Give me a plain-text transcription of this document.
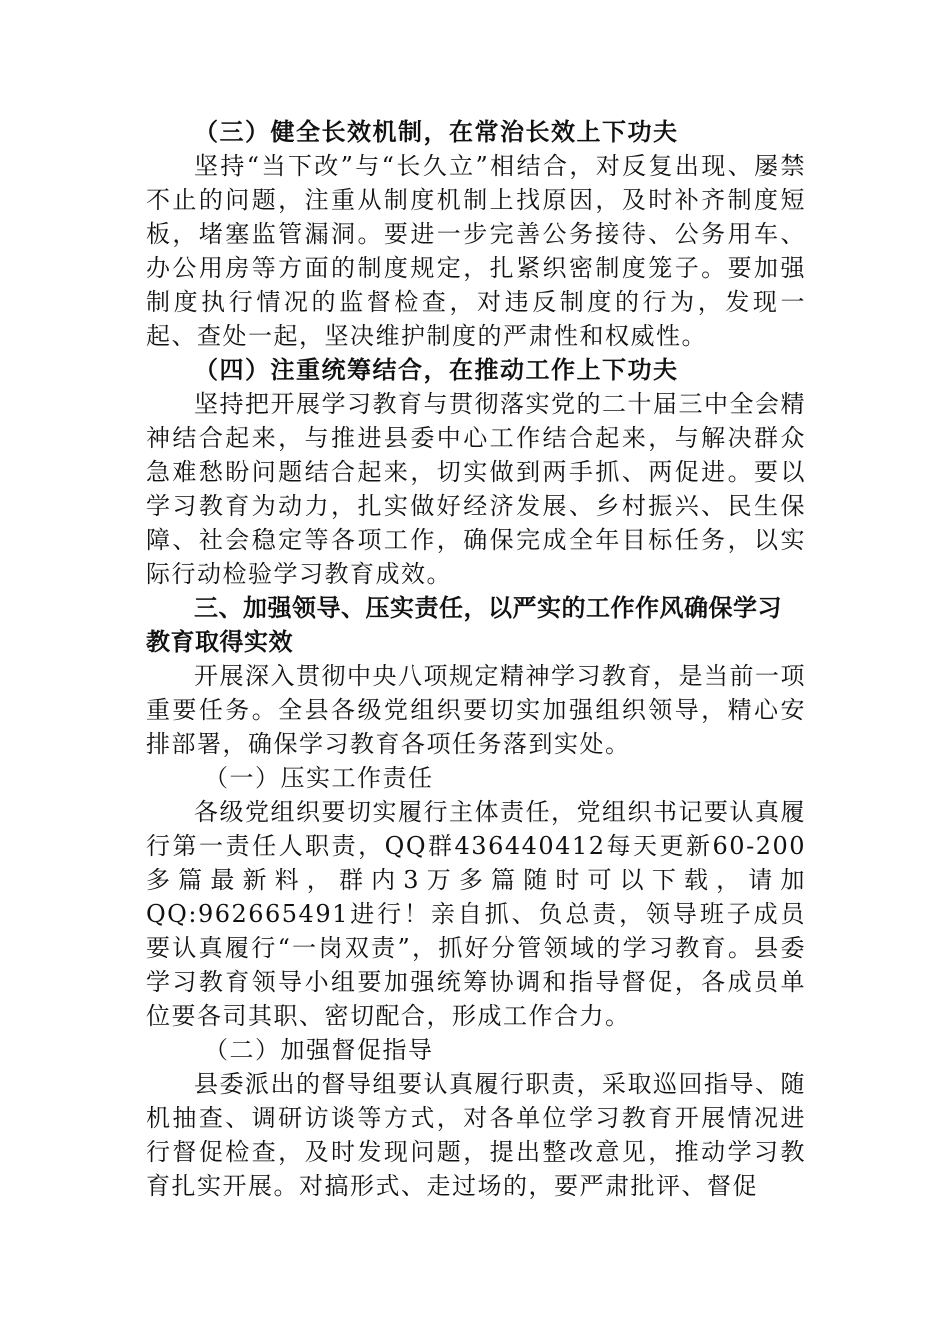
（三）健全长效机制，在常治长效上下功夫

坚持“当下改”与“长久立”相结合，对反复出现、屡禁不止的问题，注重从制度机制上找原因，及时补齐制度短板，堵塞监管漏洞。要进一步完善公务接待、公务用车、办公用房等方面的制度规定，扎紧织密制度笼子。要加强制度执行情况的监督检查，对违反制度的行为，发现一起、查处一起，坚决维护制度的严肃性和权威性。

（四）注重统筹结合，在推动工作上下功夫

坚持把开展学习教育与贯彻落实党的二十届三中全会精神结合起来，与推进县委中心工作结合起来，与解决群众急难愁盼问题结合起来，切实做到两手抓、两促进。要以学习教育为动力，扎实做好经济发展、乡村振兴、民生保障、社会稳定等各项工作，确保完成全年目标任务，以实际行动检验学习教育成效。

三、加强领导、压实责任，以严实的工作作风确保学习教育取得实效

开展深入贯彻中央八项规定精神学习教育，是当前一项重要任务。全县各级党组织要切实加强组织领导，精心安排部署，确保学习教育各项任务落到实处。

（一）压实工作责任

各级党组织要切实履行主体责任，党组织书记要认真履行第一责任人职责，QQ群436440412每天更新60-200多篇最新料，群内3万多篇随时可以下载，请加QQ:962665491进行！亲自抓、负总责，领导班子成员要认真履行“一岗双责”，抓好分管领域的学习教育。县委学习教育领导小组要加强统筹协调和指导督促，各成员单位要各司其职、密切配合，形成工作合力。

（二）加强督促指导

县委派出的督导组要认真履行职责，采取巡回指导、随机抽查、调研访谈等方式，对各单位学习教育开展情况进行督促检查，及时发现问题，提出整改意见，推动学习教育扎实开展。对搞形式、走过场的，要严肃批评、督促
